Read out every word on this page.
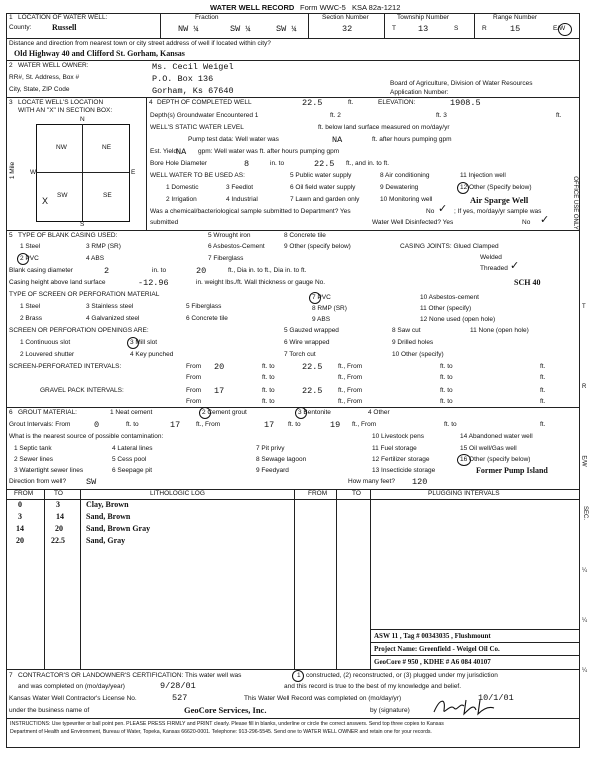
WATER WELL RECORD Form WWC-5 KSA 82a-1212
1 LOCATION OF WATER WELL:
County:	Russell
Fraction
NW ¼	SW ¼	SW ¼
Section Number
32
Township Number
T	13	S
Range Number
R	15	E/W
Distance and direction from nearest town or city street address of well if located within city?
Old Highway 40 and Clifford St. Gorham, Kansas
2 WATER WELL OWNER:	Ms. Cecil Weigel
RR#, St. Address, Box #	P.O. Box 136
City, State, ZIP Code	Gorham, Ks 67640
Board of Agriculture, Division of Water Resources
Application Number:
3 LOCATE WELL'S LOCATION
WITH AN "X" IN SECTION BOX:
N
S
W	E
NW	NE
SW	SE
X
1 Mile
4 DEPTH OF COMPLETED WELL	22.5	ft.	ELEVATION:	1908.5
Depth(s) Groundwater Encountered 1	ft. 2	ft. 3	ft.
WELL'S STATIC WATER LEVEL	ft. below land surface measured on mo/day/yr
Pump test data: Well water was	NA	ft. after hours pumping gpm
Est. Yield
NA gpm: Well water was ft. after hours pumping gpm
Bore Hole Diameter	8	in. to	22.5 ft., and in. to ft.
WELL WATER TO BE USED AS:	5 Public water supply	8 Air conditioning	11 Injection well
1 Domestic	3 Feedlot	6 Oil field water supply	9 Dewatering	12 Other (Specify below)
2 Irrigation	4 Industrial	7 Lawn and garden only	10 Monitoring well	Air Sparge Well
Was a chemical/bacteriological sample submitted to Department? Yes	No ✓ ; If yes, mo/day/yr sample was
submitted	Water Well Disinfected? Yes	No ✓
5 TYPE OF BLANK CASING USED:	5 Wrought iron	8 Concrete tile
CASING JOINTS: Glued Clamped
1 Steel	3 RMP (SR)	6 Asbestos-Cement	9 Other (specify below)
2 PVC	4 ABS	7 Fiberglass	Welded
Threaded ✓
Blank casing diameter	2	in. to	20	ft., Dia in. to ft., Dia in. to ft.
Casing height above land surface	-12.96	in. weight lbs./ft. Wall thickness or gauge No.	SCH 40
TYPE OF SCREEN OR PERFORATION MATERIAL
1 Steel	3 Stainless steel	5 Fiberglass
7 PVC	10 Asbestos-cement
2 Brass	4 Galvanized steel	6 Concrete tile
8 RMP (SR)	11 Other (specify)
9 ABS	12 None used (open hole)
SCREEN OR PERFORATION OPENINGS ARE:	5 Gauzed wrapped	8 Saw cut	11 None (open hole)
1 Continuous slot	3 Mill slot	6 Wire wrapped	9 Drilled holes
2 Louvered shutter	4 Key punched	7 Torch cut	10 Other (specify)
SCREEN-PERFORATED INTERVALS:	From 20	ft. to	22.5 ft., From	ft. to	ft.
From	ft. to	ft., From	ft. to	ft.
GRAVEL PACK INTERVALS:	From 17	ft. to	22.5 ft., From	ft. to	ft.
From	ft. to	ft., From	ft. to	ft.
6 GROUT MATERIAL:	1 Neat cement	2 Cement grout	3 Bentonite	4 Other
Grout Intervals: From	0	ft. to	17 ft., From	17 ft. to	19 ft., From	ft. to	ft.
What is the nearest source of possible contamination:	10 Livestock pens	14 Abandoned water well
1 Septic tank	4 Lateral lines	7 Pit privy	11 Fuel storage	15 Oil well/Gas well
2 Sewer lines	5 Cess pool	8 Sewage lagoon	12 Fertilizer storage	16 Other (specify below)
3 Watertight sewer lines	6 Seepage pit	9 Feedyard	13 Insecticide storage	Former Pump Island
Direction from well? SW	How many feet? 120
FROM	TO	LITHOLOGIC LOG	FROM	TO	PLUGGING INTERVALS
0	3	Clay, Brown
3	14	Sand, Brown
14	20	Sand, Brown Gray
20	22.5	Sand, Gray
ASW 11 , Tag # 00343035 , Flushmount
Project Name: Greenfield - Weigel Oil Co.
GeoCore # 950 , KDHE # A6 084 40107
7 CONTRACTOR'S OR LANDOWNER'S CERTIFICATION: This water well was	1 constructed, (2) reconstructed, or (3) plugged under my jurisdiction
and was completed on (mo/day/year)	9/28/01	and this record is true to the best of my knowledge and belief.
Kansas Water Well Contractor's License No.	527	This Water Well Record was completed on (mo/day/yr)	10/1/01
under the business name of	GeoCore Services, Inc.	by (signature)
INSTRUCTIONS: Use typewriter or ball point pen. PLEASE PRESS FIRMLY and PRINT clearly. Please fill in blanks, underline or circle the correct answers. Send top three copies to Kansas
Department of Health and Environment, Bureau of Water, Topeka, Kansas 66620-0001. Telephone: 913-296-5545. Send one to WATER WELL OWNER and retain one for your records.
OFFICE USE ONLY
T
R
E/W
SEC.
¼
¼
¼
